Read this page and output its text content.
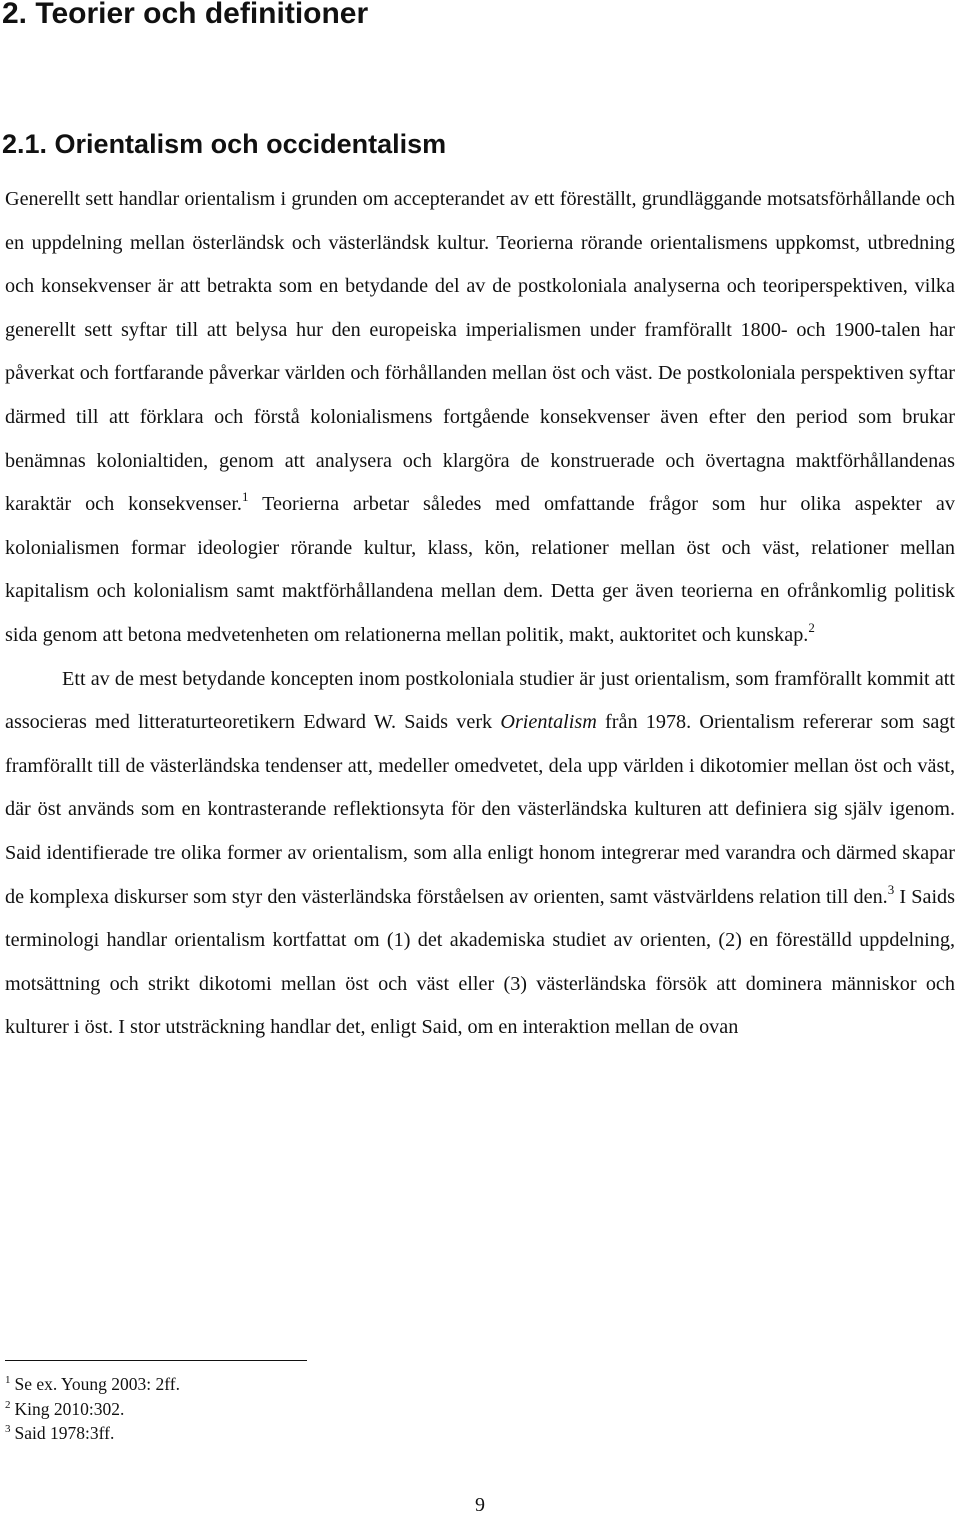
2. Teorier och definitioner
2.1. Orientalism och occidentalism

Generellt sett handlar orientalism i grunden om accepterandet av ett föreställt, grundläggande motsatsförhållande och en uppdelning mellan österländsk och västerländsk kultur. Teorierna rörande orientalismens uppkomst, utbredning och konsekvenser är att betrakta som en betydande del av de postkoloniala analyserna och teoriperspektiven, vilka generellt sett syftar till att belysa hur den europeiska imperialismen under framförallt 1800- och 1900-talen har påverkat och fortfarande påverkar världen och förhållanden mellan öst och väst. De postkoloniala perspektiven syftar därmed till att förklara och förstå kolonialismens fortgående konsekvenser även efter den period som brukar benämnas kolonialtiden, genom att analysera och klargöra de konstruerade och övertagna maktförhållandenas karaktär och konsekvenser.$^1$ Teorierna arbetar således med omfattande frågor som hur olika aspekter av kolonialismen formar ideologier rörande kultur, klass, kön, relationer mellan öst och väst, relationer mellan kapitalism och kolonialism samt maktförhållandena mellan dem. Detta ger även teorierna en ofrånkomlig politisk sida genom att betona medvetenheten om relationerna mellan politik, makt, auktoritet och kunskap.$^2$

Ett av de mest betydande koncepten inom postkoloniala studier är just orientalism, som framförallt kommit att associeras med litteraturteoretikern Edward W. Saids verk Orientalism från 1978. Orientalism refererar som sagt framförallt till de västerländska tendenser att, medeller omedvetet, dela upp världen i dikotomier mellan öst och väst, där öst används som en kontrasterande reflektionsyta för den västerländska kulturen att definiera sig själv igenom. Said identifierade tre olika former av orientalism, som alla enligt honom integrerar med varandra och därmed skapar de komplexa diskurser som styr den västerländska förståelsen av orienten, samt västvärldens relation till den.$^3$ I Saids terminologi handlar orientalism kortfattat om (1) det akademiska studiet av orienten, (2) en föreställd uppdelning, motsättning och strikt dikotomi mellan öst och väst eller (3) västerländska försök att dominera människor och kulturer i öst. I stor utsträckning handlar det, enligt Said, om en interaktion mellan de ovan

$^1$ Se ex. Young 2003: 2ff.
$^2$ King 2010:302.
$^3$ Said 1978:3ff.
9
